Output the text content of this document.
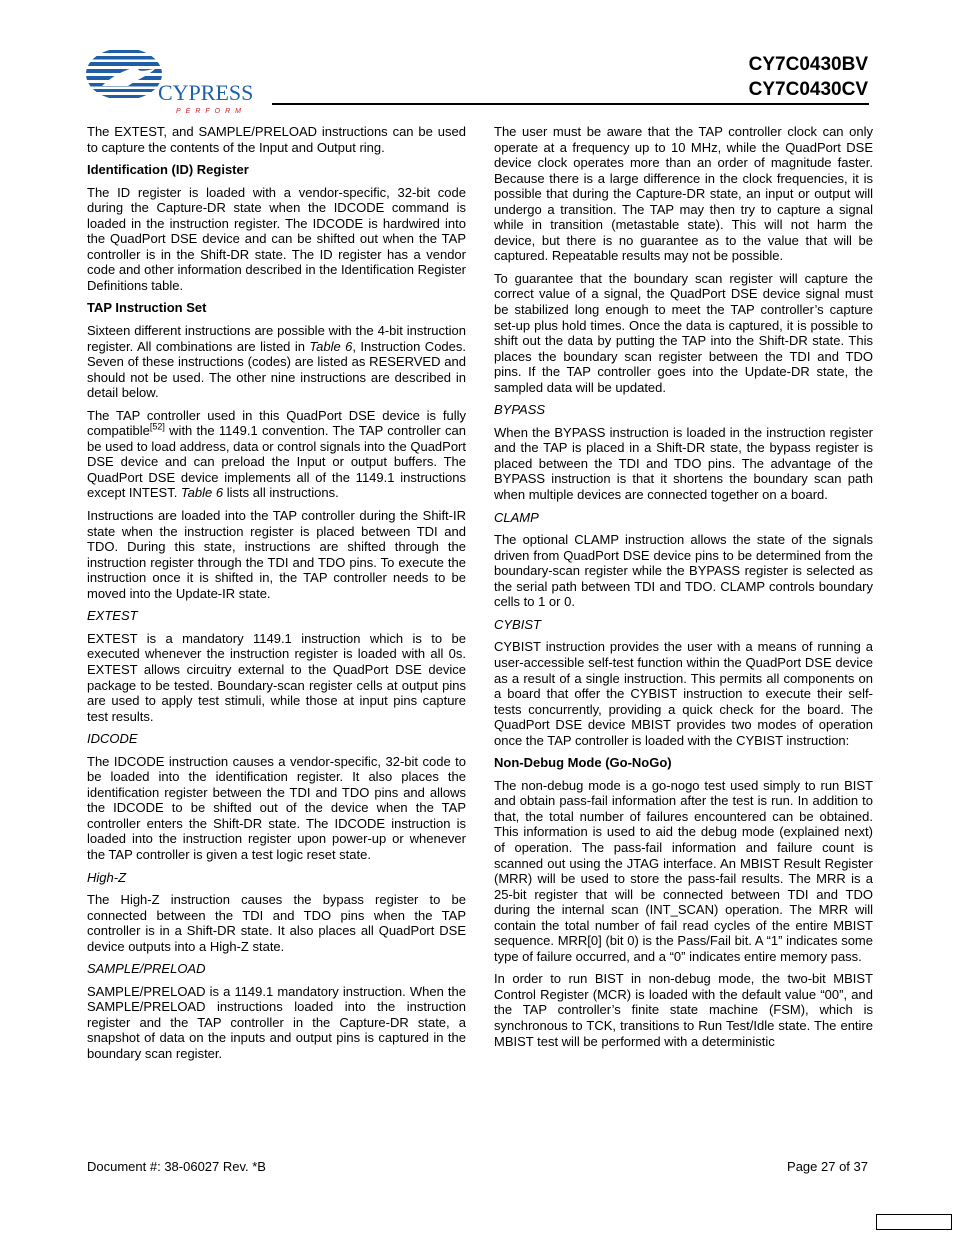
CYPRESS
PERFORM
CY7C0430BV
CY7C0430CV

The EXTEST, and SAMPLE/PRELOAD instructions can be used to capture the contents of the Input and Output ring.

Identification (ID) Register

The ID register is loaded with a vendor-specific, 32-bit code during the Capture-DR state when the IDCODE command is loaded in the instruction register. The IDCODE is hardwired into the QuadPort DSE device and can be shifted out when the TAP controller is in the Shift-DR state. The ID register has a vendor code and other information described in the Identification Register Definitions table.

TAP Instruction Set

Sixteen different instructions are possible with the 4-bit instruction register. All combinations are listed in Table 6, Instruction Codes. Seven of these instructions (codes) are listed as RESERVED and should not be used. The other nine instructions are described in detail below.

The TAP controller used in this QuadPort DSE device is fully compatible[52] with the 1149.1 convention. The TAP controller can be used to load address, data or control signals into the QuadPort DSE device and can preload the Input or output buffers. The QuadPort DSE device implements all of the 1149.1 instructions except INTEST. Table 6 lists all instructions.

Instructions are loaded into the TAP controller during the Shift-IR state when the instruction register is placed between TDI and TDO. During this state, instructions are shifted through the instruction register through the TDI and TDO pins. To execute the instruction once it is shifted in, the TAP controller needs to be moved into the Update-IR state.

EXTEST

EXTEST is a mandatory 1149.1 instruction which is to be executed whenever the instruction register is loaded with all 0s. EXTEST allows circuitry external to the QuadPort DSE device package to be tested. Boundary-scan register cells at output pins are used to apply test stimuli, while those at input pins capture test results.

IDCODE

The IDCODE instruction causes a vendor-specific, 32-bit code to be loaded into the identification register. It also places the identification register between the TDI and TDO pins and allows the IDCODE to be shifted out of the device when the TAP controller enters the Shift-DR state. The IDCODE instruction is loaded into the instruction register upon power-up or whenever the TAP controller is given a test logic reset state.

High-Z

The High-Z instruction causes the bypass register to be connected between the TDI and TDO pins when the TAP controller is in a Shift-DR state. It also places all QuadPort DSE device outputs into a High-Z state.

SAMPLE/PRELOAD

SAMPLE/PRELOAD is a 1149.1 mandatory instruction. When the SAMPLE/PRELOAD instructions loaded into the instruction register and the TAP controller in the Capture-DR state, a snapshot of data on the inputs and output pins is captured in the boundary scan register.

The user must be aware that the TAP controller clock can only operate at a frequency up to 10 MHz, while the QuadPort DSE device clock operates more than an order of magnitude faster. Because there is a large difference in the clock frequencies, it is possible that during the Capture-DR state, an input or output will undergo a transition. The TAP may then try to capture a signal while in transition (metastable state). This will not harm the device, but there is no guarantee as to the value that will be captured. Repeatable results may not be possible.

To guarantee that the boundary scan register will capture the correct value of a signal, the QuadPort DSE device signal must be stabilized long enough to meet the TAP controller’s capture set-up plus hold times. Once the data is captured, it is possible to shift out the data by putting the TAP into the Shift-DR state. This places the boundary scan register between the TDI and TDO pins. If the TAP controller goes into the Update-DR state, the sampled data will be updated.

BYPASS

When the BYPASS instruction is loaded in the instruction register and the TAP is placed in a Shift-DR state, the bypass register is placed between the TDI and TDO pins. The advantage of the BYPASS instruction is that it shortens the boundary scan path when multiple devices are connected together on a board.

CLAMP

The optional CLAMP instruction allows the state of the signals driven from QuadPort DSE device pins to be determined from the boundary-scan register while the BYPASS register is selected as the serial path between TDI and TDO. CLAMP controls boundary cells to 1 or 0.

CYBIST

CYBIST instruction provides the user with a means of running a user-accessible self-test function within the QuadPort DSE device as a result of a single instruction. This permits all components on a board that offer the CYBIST instruction to execute their self-tests concurrently, providing a quick check for the board. The QuadPort DSE device MBIST provides two modes of operation once the TAP controller is loaded with the CYBIST instruction:

Non-Debug Mode (Go-NoGo)

The non-debug mode is a go-nogo test used simply to run BIST and obtain pass-fail information after the test is run. In addition to that, the total number of failures encountered can be obtained. This information is used to aid the debug mode (explained next) of operation. The pass-fail information and failure count is scanned out using the JTAG interface. An MBIST Result Register (MRR) will be used to store the pass-fail results. The MRR is a 25-bit register that will be connected between TDI and TDO during the internal scan (INT_SCAN) operation. The MRR will contain the total number of fail read cycles of the entire MBIST sequence. MRR[0] (bit 0) is the Pass/Fail bit. A “1” indicates some type of failure occurred, and a “0” indicates entire memory pass.

In order to run BIST in non-debug mode, the two-bit MBIST Control Register (MCR) is loaded with the default value “00”, and the TAP controller’s finite state machine (FSM), which is synchronous to TCK, transitions to Run Test/Idle state. The entire MBIST test will be performed with a deterministic

Document #: 38-06027 Rev. *B	Page 27 of 37
